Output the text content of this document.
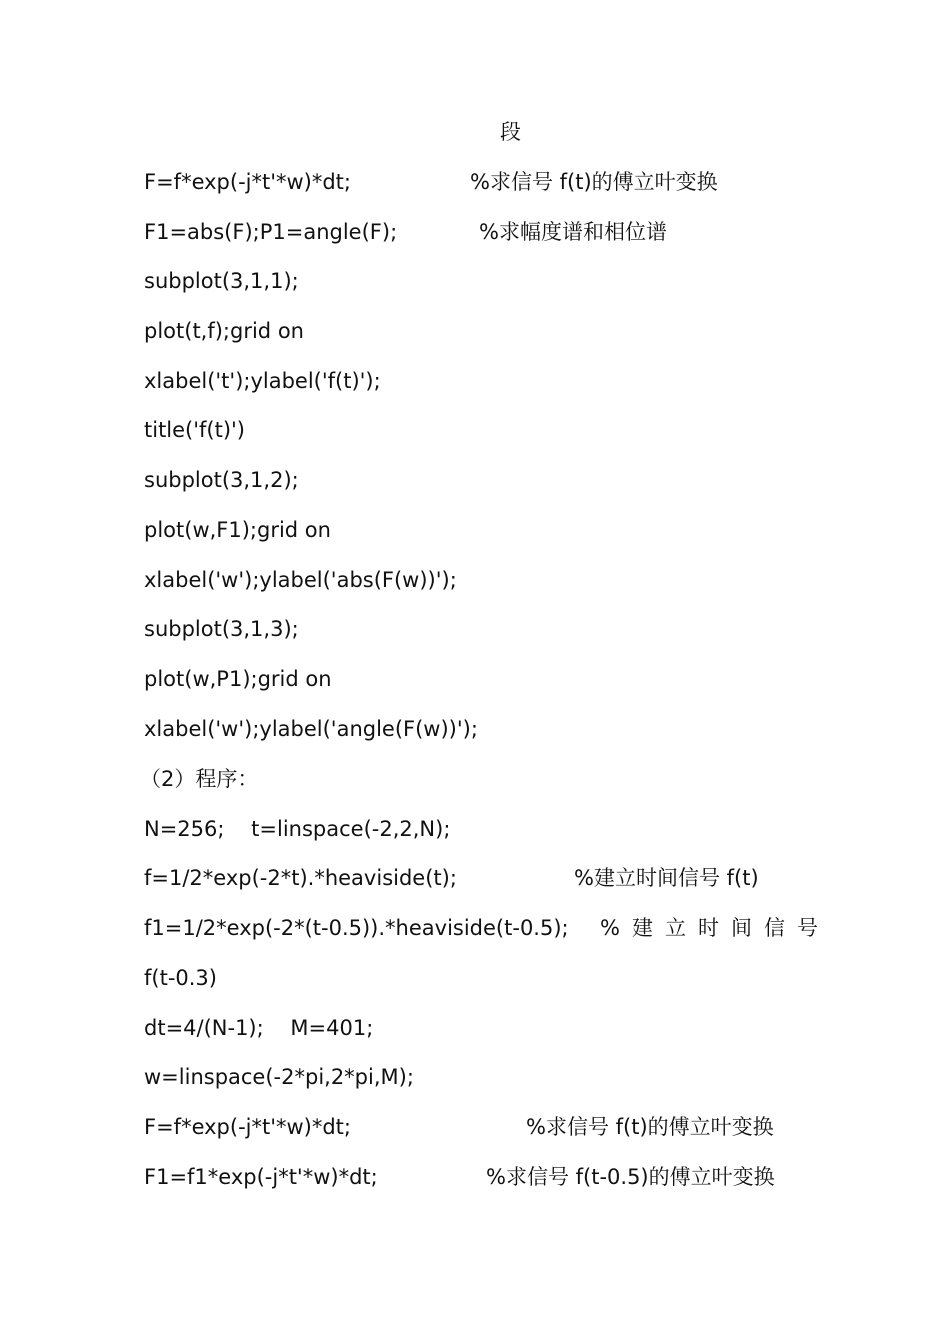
段
F=f*exp(-j*t'*w)*dt;	%求信号 f(t)的傅立叶变换
F1=abs(F);P1=angle(F);	%求幅度谱和相位谱
subplot(3,1,1);
plot(t,f);grid on
xlabel('t');ylabel('f(t)');
title('f(t)')
subplot(3,1,2);
plot(w,F1);grid on
xlabel('w');ylabel('abs(F(w))');
subplot(3,1,3);
plot(w,P1);grid on
xlabel('w');ylabel('angle(F(w))');
（2）程序：
N=256;    t=linspace(-2,2,N);
f=1/2*exp(-2*t).*heaviside(t);	%建立时间信号 f(t)
f1=1/2*exp(-2*(t-0.5)).*heaviside(t-0.5); %建立时间信号
f(t-0.3)
dt=4/(N-1);    M=401;
w=linspace(-2*pi,2*pi,M);
F=f*exp(-j*t'*w)*dt;	%求信号 f(t)的傅立叶变换
F1=f1*exp(-j*t'*w)*dt;	%求信号 f(t-0.5)的傅立叶变换
